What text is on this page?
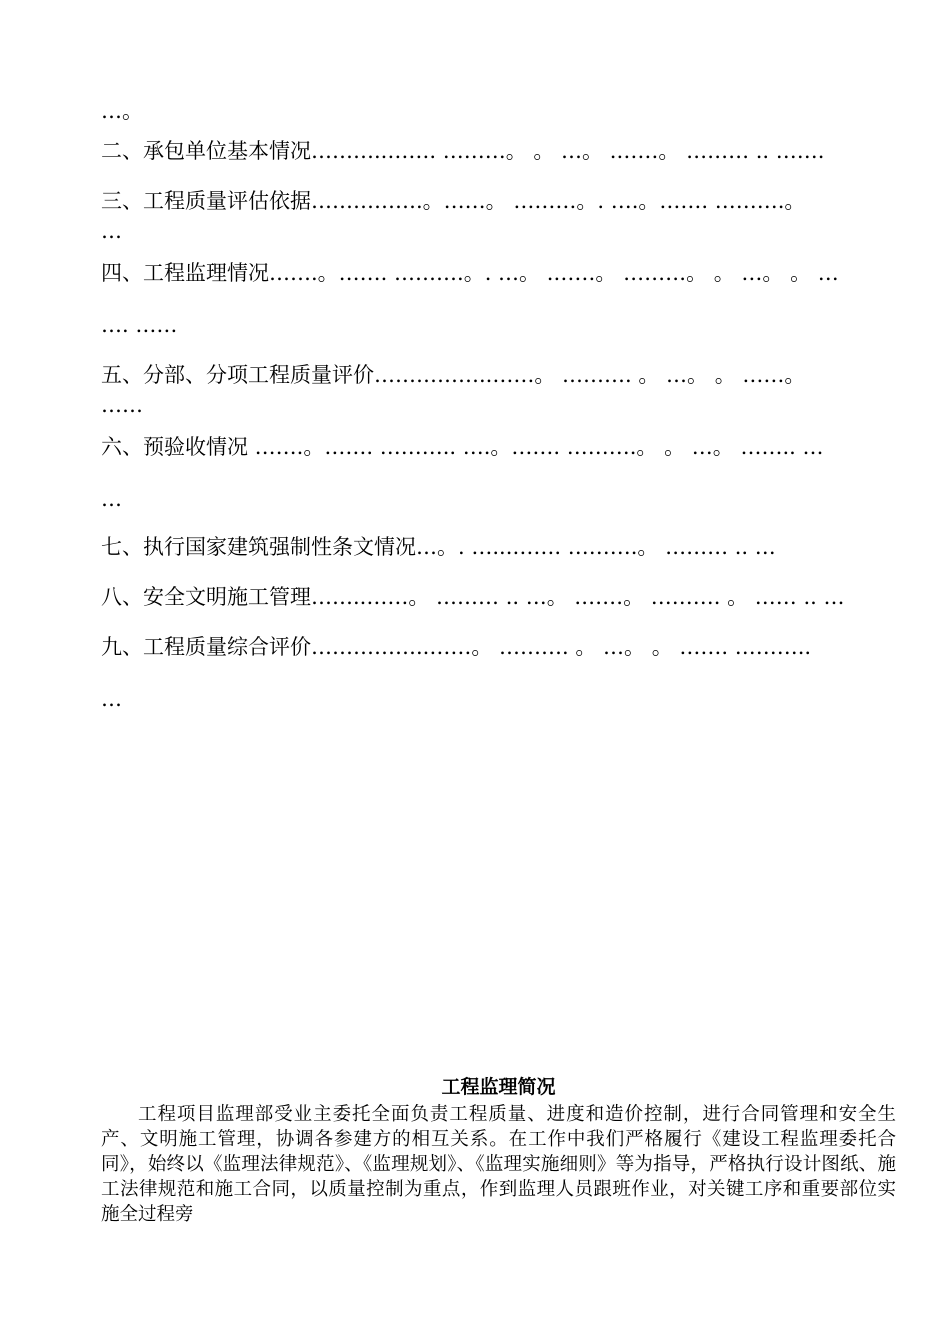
…。
二、承包单位基本情况………..……. ………。 。 …。 .……。 ……… .. …….
三、工程质量评估依据…………….。……。 ………。. ….。……. ……….。
…
四、工程监理情况…….。……. ……….。. …。 .……。 ………。 。 …。 。 …
…. ……
五、分部、分项工程质量评价……………..……。 ………. 。 …。 。 ……。
……
六、预验收情况 …….。……. ……….. ….。……. ……….。 。 …。 …….. …
…
七、执行国家建筑强制性条文情况…。. …...……. ……….。 ……… .. …
八、安全文明施工管理……..……。 ……… .. …。 .……。 ………. 。 …… .. …
九、工程质量综合评价……………..……。 ………. 。 …。 。 ……. ………..
…
工程监理简况

工程项目监理部受业主委托全面负责工程质量、进度和造价控制，进行合同管理和安全生产、文明施工管理，协调各参建方的相互关系。在工作中我们严格履行《建设工程监理委托合同》，始终以《监理法律规范》、《监理规划》、《监理实施细则》等为指导，严格执行设计图纸、施工法律规范和施工合同，以质量控制为重点，作到监理人员跟班作业，对关键工序和重要部位实施全过程旁
